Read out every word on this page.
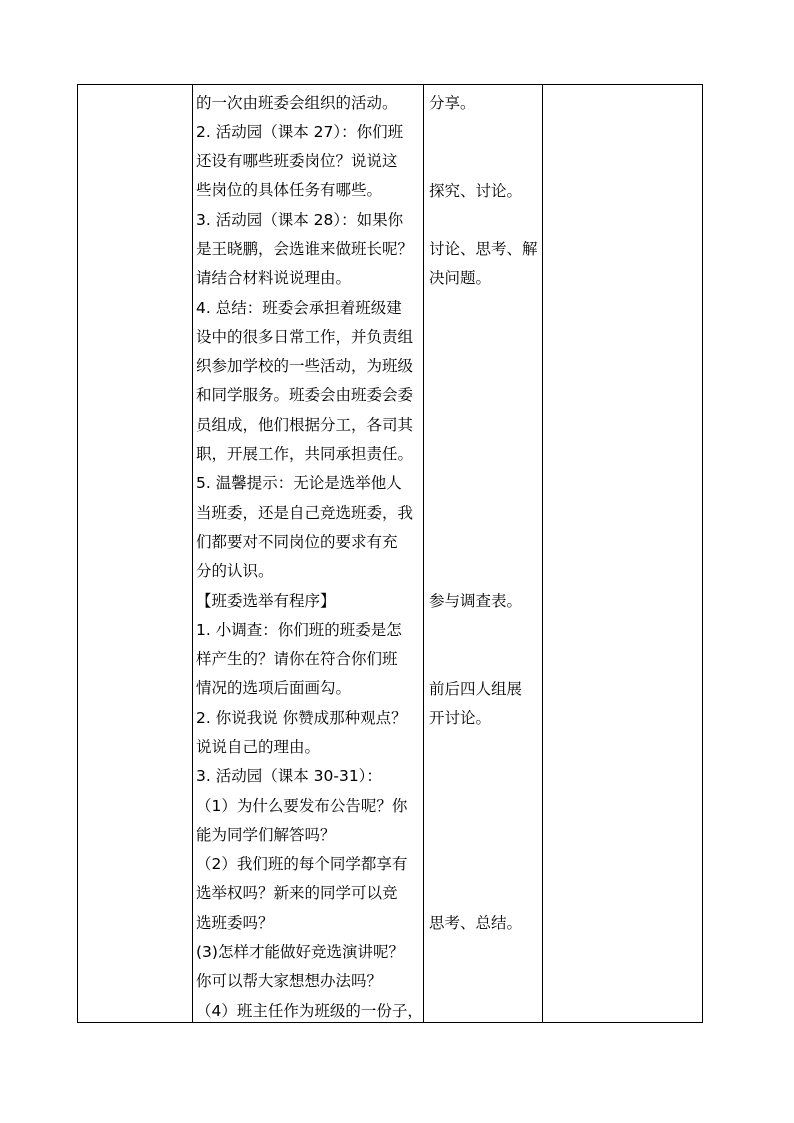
的一次由班委会组织的活动。
2. 活动园（课本 27）：你们班
还设有哪些班委岗位？说说这
些岗位的具体任务有哪些。
3. 活动园（课本 28）：如果你
是王晓鹏，会选谁来做班长呢？
请结合材料说说理由。
4. 总结：班委会承担着班级建
设中的很多日常工作，并负责组
织参加学校的一些活动，为班级
和同学服务。班委会由班委会委
员组成，他们根据分工，各司其
职，开展工作，共同承担责任。
5. 温馨提示：无论是选举他人
当班委，还是自己竞选班委，我
们都要对不同岗位的要求有充
分的认识。
【班委选举有程序】
1. 小调查：你们班的班委是怎
样产生的？请你在符合你们班
情况的选项后面画勾。
2. 你说我说 你赞成那种观点？
说说自己的理由。
3. 活动园（课本 30-31）：
（1）为什么要发布公告呢？你
能为同学们解答吗？
（2）我们班的每个同学都享有
选举权吗？新来的同学可以竞
选班委吗？
(3)怎样才能做好竞选演讲呢？
你可以帮大家想想办法吗？
（4）班主任作为班级的一份子，
分享。
探究、讨论。
讨论、思考、解
决问题。
参与调查表。
前后四人组展
开讨论。
思考、总结。
